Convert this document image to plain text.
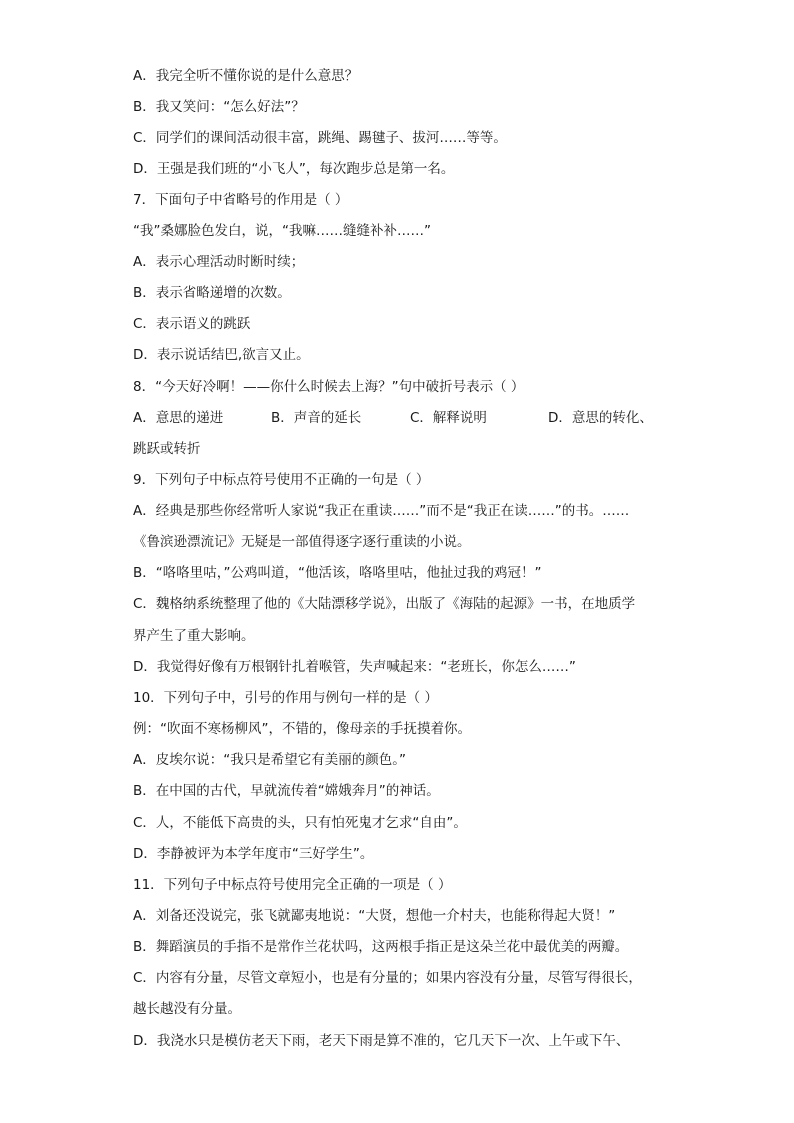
A．我完全听不懂你说的是什么意思？
B．我又笑问：“怎么好法”？
C．同学们的课间活动很丰富，跳绳、踢毽子、拔河……等等。
D．王强是我们班的“小飞人”，每次跑步总是第一名。
7．下面句子中省略号的作用是（ ）
“我”桑娜脸色发白，说，“我嘛……缝缝补补……”
A．表示心理活动时断时续；
B．表示省略递增的次数。
C．表示语义的跳跃
D．表示说话结巴,欲言又止。
8．“今天好冷啊！——你什么时候去上海？”句中破折号表示（ ）
A．意思的递进	B．声音的延长	C．解释说明	D．意思的转化、
跳跃或转折
9．下列句子中标点符号使用不正确的一句是（ ）
A．经典是那些你经常听人家说“我正在重读……”而不是“我正在读……”的书。……
《鲁滨逊漂流记》无疑是一部值得逐字逐行重读的小说。
B．“咯咯里咕，”公鸡叫道，“他活该，咯咯里咕，他扯过我的鸡冠！”
C．魏格纳系统整理了他的《大陆漂移学说》，出版了《海陆的起源》一书，在地质学
界产生了重大影响。
D．我觉得好像有万根钢针扎着喉管，失声喊起来：“老班长，你怎么……”
10．下列句子中，引号的作用与例句一样的是（ ）
例：“吹面不寒杨柳风”，不错的，像母亲的手抚摸着你。
A．皮埃尔说：“我只是希望它有美丽的颜色。”
B．在中国的古代，早就流传着“嫦娥奔月”的神话。
C．人，不能低下高贵的头，只有怕死鬼才乞求“自由”。
D．李静被评为本学年度市“三好学生”。
11．下列句子中标点符号使用完全正确的一项是（ ）
A．刘备还没说完，张飞就鄙夷地说：“大贤，想他一介村夫，也能称得起大贤！”
B．舞蹈演员的手指不是常作兰花状吗，这两根手指正是这朵兰花中最优美的两瓣。
C．内容有分量，尽管文章短小，也是有分量的；如果内容没有分量，尽管写得很长，
越长越没有分量。
D．我浇水只是模仿老天下雨，老天下雨是算不准的，它几天下一次、上午或下午、
